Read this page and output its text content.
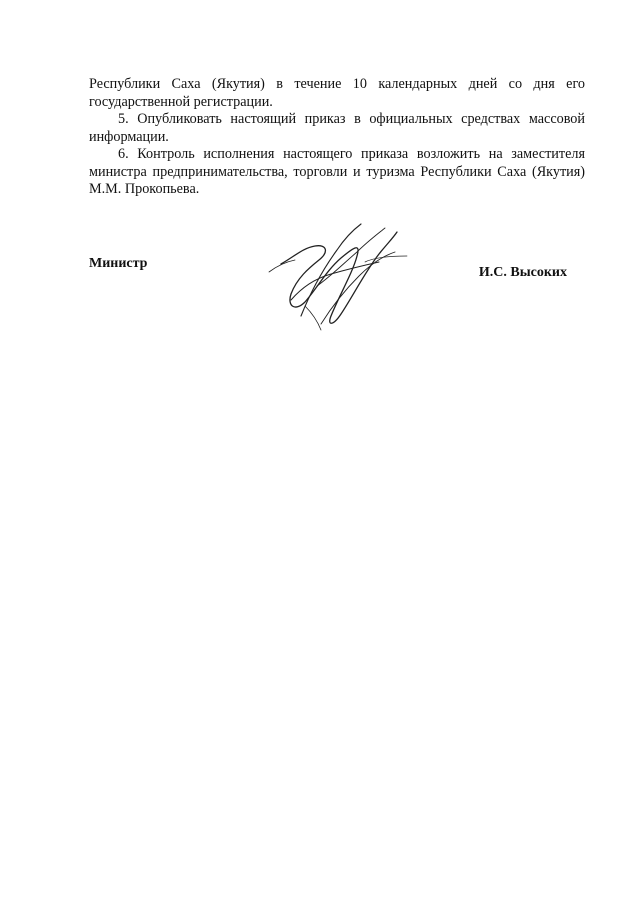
Республики Саха (Якутия) в течение 10 календарных дней со дня его государственной регистрации.

5. Опубликовать настоящий приказ в официальных средствах массовой информации.

6. Контроль исполнения настоящего приказа возложить на заместителя министра предпринимательства, торговли и туризма Республики Саха (Якутия) М.М. Прокопьева.

Министр
И.С. Высоких
